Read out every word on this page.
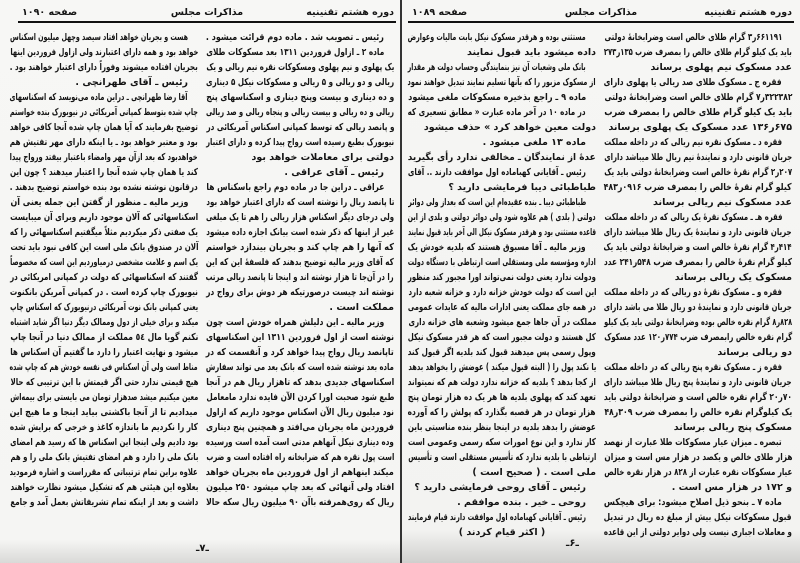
دوره هشتم تقنینیه
مذاکرات مجلس
صفحه ۱۰۹۰
هست و بجریان خواهد افتاد سیصد وچهل میلیون اسکناس
خواهد بود و همه دارای اعتبارند ولی ازاول فروردین اینها
بجریان افتاده میشوند وفوراً دارای اعتبار خواهند بود .
رئیس ـ آقای طهرانچی .
آقا رضا طهرانچی ـ دراین ماده می‌نویسد که اسکناسهای
چاپ شده بتوسط کمپانی آمریکائی در نیویورک بنده خواستم
توضیح بفرمایند که آیا همان چاپ شده آنجا کافی خواهد
بود و معتبر خواهد بود ـ یا اینکه دارای مهر تفتیش هم
خواهدبود که بعد ازآن مهر وامضاء باعتبار بیفتد ورواج پیدا
کند یا همان چاپ شده آنجا را اعتبار میدهند ؟ چون این
درقانون نوشته نشده بود بنده خواستم توضیح بدهند .
وزیر مالیه ـ منظور از گفتن این جمله یعنی آن
اسکناسهائی که آلان موجود داریم وبرای آن میبایست
یک صفتی ذکر میکردیم مثلاً میگفتیم اسکناسهائی را که
آلان در صندوق بانک ملی است این کافی نبود باید تحت
یک اسم و علامت مشخصی درمیاوردیم این است که مخصوصاً
گفتند که اسکناسهائی که دولت در کمپانی امریکائی در
نیویورک چاپ کرده است . در کمپانی آمریکن بانکنوت
یعنی کمپانی بانک نوت آمریکائی درنیویورک که اسکناس چاپ
میکند و برای خیلی از دول وممالک دیگر دنیا اگر شاید اشتباه
نکنم گویا مال ٥٤ مملکت از ممالک دنیا در آنجا چاپ
میشود و نهایت اعتبار را دارد ما گفتیم آن اسکناس ها
مناط است ولی آن اسکناس فی نفسه خودش هم که چاپ شده
هیچ قیمتی ندارد حتی اگر قیمتش با این ترتیبی که حالا
معین میکنیم میشد صدهزار تومان می بایستی برای بیمه‌اش
میدادیم تا از آنجا باکشتی بیاید اینجا و ما هیچ این
کار را نکردیم ما باندازه کاغذ و خرجی که برایش شده
بود دادیم ولی اینجا این اسکناس ها که رسید هم امضای
بانک ملی را دارد و هم امضای تفتیش بانک ملی را و هم
علاوه براین تمام ترتیباتی که مقرراست و اشاره فرمودید
بعلاوه این هیئتی هم که تشکیل میشود نظارت خواهند
داشت و بعد از اینکه تمام تشریفاتش بعمل آمد و جامع
رئیس ـ تصویب شد . ماده دوم قرائت میشود .
ماده ۲ ـ ازاول فروردین ۱۳۱۱ بعد مسکوکات طلای
یک پهلوی و نیم پهلوی ومسکوکات نقره نیم ریالی و یک
ریالی و دو ریالی و ۵ ریالی و مسکوکات نیکل ۵ دیناری
و ده دیناری و بیست وپنج دیناری و اسکناسهای پنج
ریالی و ده ریالی و بیست ریالی و پنجاه ریالی و صد ریالی
و پانصد ریالی که توسط کمپانی اسکناس آمریکائی در
نیویورک بطبع رسیده است رواج پیدا کرده و دارای اعتبار
دولتی برای معاملات خواهد بود
رئیس ـ آقای عراقی .
عراقی ـ دراین جا در ماده دوم راجع باسکناس ها
تا پانصد ریال را نوشته است که دارای اعتبار خواهد بود
ولی درجای دیگر اسکناس هزار ریالی را هم تا یک مبلغی
غیر از اینها که ذکر شده است بیانک اجازه داده میشود
که آنها را هم چاپ کند و بجریان بیندازد خواستم
که آقای وزیر مالیه توضیح بدهند که فلسفهٔ این که این
را در آن‌جا تا هزار نوشته اند و اینجا تا پانصد ریالی مرتب
نوشته اند چیست درصورتیکه هر دوش برای رواج در
مملکت است .
وزیر مالیه ـ این دلیلش همراه خودش است چون
نوشته است از اول فروردین ۱۳۱۱ این اسکناسهای
تاپانصد ریال رواج پیدا خواهد کرد و آنقسمت که در
ماده بعد نوشته شده است که بانک بعد می تواند سفارش
اسکناسهای جدیدی بدهد که تاهزار ریال هم در آنجا
طبع شود صحبت اورا کردن الآن فایده ندارد مامعامل
نود میلیون ریال الآن اسکناس موجود داریم که ازاول
فروردین ماه بجریان می‌افتد و همچنین پنج دیناری
وده دیناری نیکل آنهاهم مدتی است آمده است ورسیده
است پول نقره هم که ضرابخانه راه افتاده است و ضرب
میکند اینهاهم از اول فروردین ماه بجریان خواهد
افتاد ولی آنهائی که بعد چاپ میشود ۲۵۰ میلیون
ریال که روی‌همرفته باآن ۹۰ میلیون ریال سکه حالا
ـ۷ـ
دوره هشتم تقنینیه
مذاکرات مجلس
صفحه ۱۰۸۹
مستثنی بوده و هرقدر مسکوک نیکل بابت مالیات وعوارض
داده میشود باید قبول نمایند
بانک ملی وشعبات آن نیز بنمایندگی وحساب دولت هر مقدار
از مسکوک مزبور را که بآنها تسلیم نمایند تبدیل خواهند نمود
ماده ۹ ـ راجع بذخیره مسکوکات ملغی میشود
در ماده ۱۰ در آخر ماده عبارت « مطابق تسعیری که
دولت معین خواهد کرد » حذف میشود
ماده ۱۳ ملغی میشود .
عدهٔ از نمایندگان ـ مخالفی ندارد رأی بگیرید
رئیس ـ آقایانی کهباماده اول موافقت دارند .. آقای
طباطبائی دیبا فرمایشی دارید ؟
طباطبائی دیبا ـ بنده عقیده‌ام این است که بعداز ولی دوائر
دولتی ( بلدی ) هم علاوه شود ولی دوائر دولتی و بلدی از این
قاعده مستثنی بود و هرقدر مسکوک نیکل الی آخر باید قبول نمایند
وزیر مالیه ـ آقا مسبوق هستند که بلدیه خودش یک
اداره ومؤسسه ملی ومستقلی است ارتباطی با دستگاه دولت
ودولت ندارد یعنی دولت نمی‌تواند اورا مجبور کند منظور
این است که دولت خودش خزانه دارد و خزانه شعبه دارد
در همه جای مملکت یعنی ادارات مالیه که عایدات عمومی
مملکت در آن جاها جمع میشود وشعبه های خزانه داری
کل هستند و دولت مجبور است که هر قدر مسکوک نیکل
وپول رسمی پس میدهند قبول کند بلدیه اگر قبول کند
یا نکند پول را ( البته قبول میکند ) عوضش را بخواهد بدهد
از کجا بدهد ؟ بلدیه که خزانه ندارد دولت هم که نمیتواند
تعهد کند که پهلوی بلدیه ها هر یک ده هزار تومان پنج
هزار تومان در هر قصبه بگذارد که پولش را که آورده
عوضش را بدهد بلدیه در اینجا بنظر بنده مناسبتی باین
کار ندارد و این نوع امورات سکه رسمی وعمومی است
ارتباطی با بلدیه ندارد که تأسیس مستقلی است و تأسیس
ملی است . ( صحیح است )
رئیس ـ آقای روحی فرمایشی دارید ؟
روحی ـ خیر . بنده موافقم .
رئیس ـ آقایانی کهباماده اول موافقت دارند قیام فرمایند
( اکثر قیام کردند )
۶۶۱۱۹۱ر۳ گرام طلای خالص است وضرابخانهٔ دولتی
باید یک کیلو گرام طلای خالص را بمصرف ضرب ۱۳۵ر۲۷۳
عدد مسکوک نیم پهلوی برساند
فقره ج ـ مسکوک طلای صد ریالی یا پهلوی دارای
۳۲۲۳۸۲ر۷ گرام طلای خالص است وضرابخانهٔ دولتی
باید یک کیلو گرام طلای خالص را بمصرف ضرب
۶۷۵ر۱۳۶ عدد مسکوک یک پهلوی برساند
فقره د ـ مسکوک نقره نیم ریالی که در داخله مملکت
جریان قانونی دارد و نمایندهٔ نیم ریال طلا میباشد دارای
۲۰۷ر۲ گرام نقرهٔ خالص است وضرابخانهٔ دولتی باید یک
کیلو گرام نقرهٔ خالص را بمصرف ضرب ۰۹۱۶ر۴۸۳
عدد مسکوک نیم ریالی برساند
فقره هـ ـ مسکوک نقرهٔ یک ریالی که در داخله مملکت
جریان قانونی دارد و نمایندهٔ یک ریال طلا میباشد دارای
۴۱۴ر۴ گرام نقرهٔ خالص است و ضرابخانهٔ دولتی باید یک
کیلو گرام نقرهٔ خالص را بمصرف ضرب ۵۴۸ر۲۴۱ عدد
مسکوک یک ریالی برساند
فقره و ـ مسکوک نقرهٔ دو ریالی که در داخله مملکت
جریان قانونی دارد و نمایندهٔ دو ریال طلا می باشد دارای
۸۲۸ر۸ گرام نقره خالص بوده وضرابخانهٔ دولتی باید یک کیلو
گرام نقره خالص رابمصرف ضرب ۷۷۴ر۱۲۰ عدد مسکوک
دو ریالی برساند
فقره ز ـ مسکوک نقره پنج ریالی که در داخله مملکت
جریان قانونی دارد و نمایندهٔ پنج ریال طلا میباشد دارای
۷۰ر۲۰ گرام نقره خالص است و ضرابخانهٔ دولتی باید
یک کیلوگرام نقره خالص را بمصرف ضرب ۳۰۹ر۴۸
مسکوک پنج ریالی برساند
تبصره ـ میزان عیار مسکوکات طلا عبارت از نهصد
هزار طلای خالص و یکصد در هزار مس است و میزان
عیار مسکوکات نقره عبارت از ۸۲۸ در هزار نقره خالص
و ۱۷۲ در هزار مس است .
ماده ۷ ـ بنحو ذیل اصلاح میشود: برای هیچکس
قبول مسکوکات نیکل بیش از مبلغ ده ریال در تبدیل
و معاملات اجباری نیست ولی دوایر دولتی از این قاعده
ـ۶ـ
